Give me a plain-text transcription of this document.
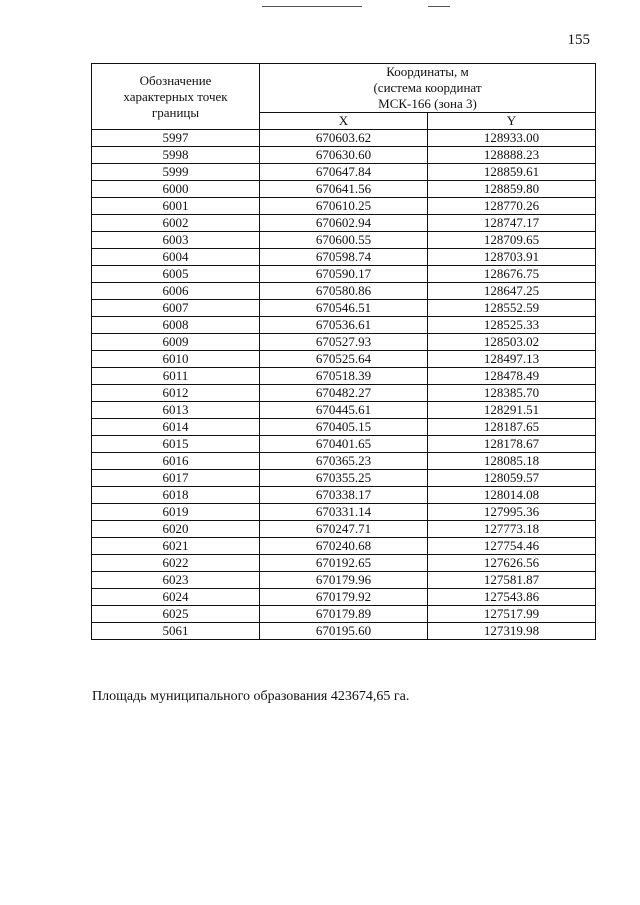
155
Обозначение характерных точек границы	Координаты, м
(система координат
МСК-166 (зона 3)	

	X	Y
5997	670603.62	128933.00
5998	670630.60	128888.23
5999	670647.84	128859.61
6000	670641.56	128859.80
6001	670610.25	128770.26
6002	670602.94	128747.17
6003	670600.55	128709.65
6004	670598.74	128703.91
6005	670590.17	128676.75
6006	670580.86	128647.25
6007	670546.51	128552.59
6008	670536.61	128525.33
6009	670527.93	128503.02
6010	670525.64	128497.13
6011	670518.39	128478.49
6012	670482.27	128385.70
6013	670445.61	128291.51
6014	670405.15	128187.65
6015	670401.65	128178.67
6016	670365.23	128085.18
6017	670355.25	128059.57
6018	670338.17	128014.08
6019	670331.14	127995.36
6020	670247.71	127773.18
6021	670240.68	127754.46
6022	670192.65	127626.56
6023	670179.96	127581.87
6024	670179.92	127543.86
6025	670179.89	127517.99
5061	670195.60	127319.98
Площадь муниципального образования 423674,65 га.
